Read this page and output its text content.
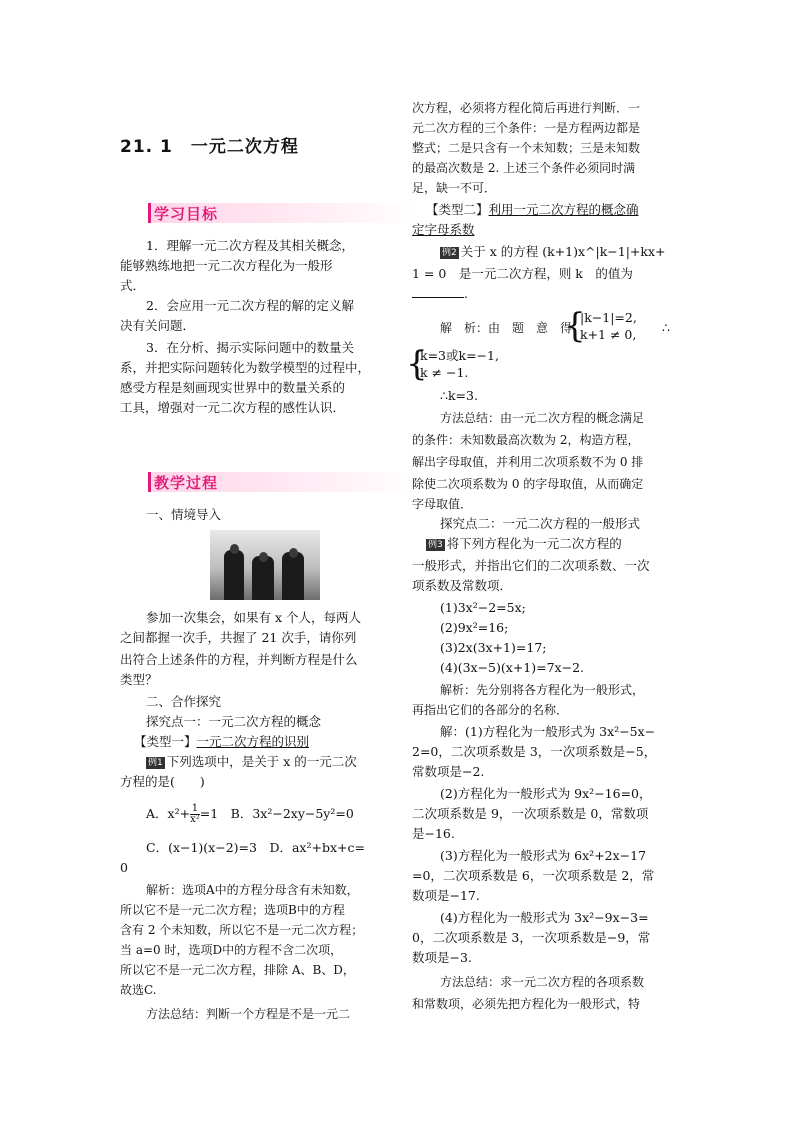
21. 1　一元二次方程
学习目标

1．理解一元二次方程及其相关概念，

能够熟练地把一元二次方程化为一般形

式．

2．会应用一元二次方程的解的定义解

决有关问题．

3．在分析、揭示实际问题中的数量关

系，并把实际问题转化为数学模型的过程中，

感受方程是刻画现实世界中的数量关系的

工具，增强对一元二次方程的感性认识．

教学过程

一、情境导入

参加一次集会，如果有 x 个人，每两人

之间都握一次手，共握了 21 次手，请你列

出符合上述条件的方程，并判断方程是什么

类型？

二、合作探究

探究点一：一元二次方程的概念

【类型一】一元二次方程的识别

例1 下列选项中，是关于 x 的一元二次

方程的是(　　)

A．$x^2+ \frac{1}{\text{x²}} =1$　B．3x²−2xy−5y²=0

C．(x−1)(x−2)=3　D．ax²+bx+c=

0

解析：选项A中的方程分母含有未知数，

所以它不是一元二次方程；选项B中的方程

含有 2 个未知数，所以它不是一元二次方程；

当 a=0 时，选项D中的方程不含二次项，

所以它不是一元二次方程，排除 A、B、D，

故选C.

方法总结：判断一个方程是不是一元二

次方程，必须将方程化简后再进行判断．一

元二次方程的三个条件：一是方程两边都是

整式；二是只含有一个未知数；三是未知数

的最高次数是 2. 上述三个条件必须同时满

足，缺一不可．

【类型二】利用一元二次方程的概念确

定字母系数

例2 关于 x 的方程 (k+1)x^|k−1|+kx+

1 = 0　是一元二次方程，则 k　的值为

.

解　析：由　题　意　得

{
|k−1|=2,
k+1 ≠ 0, ∴

{
k=3或k=−1,
k ≠ −1.

∴k=3.

方法总结：由一元二次方程的概念满足

的条件：未知数最高次数为 2，构造方程，

解出字母取值，并利用二次项系数不为 0 排

除使二次项系数为 0 的字母取值，从而确定

字母取值．

探究点二：一元二次方程的一般形式

例3 将下列方程化为一元二次方程的

一般形式，并指出它们的二次项系数、一次

项系数及常数项．

(1)3x²−2=5x;

(2)9x²=16;

(3)2x(3x+1)=17;

(4)(3x−5)(x+1)=7x−2.

解析：先分别将各方程化为一般形式，

再指出它们的各部分的名称．

解：(1)方程化为一般形式为 3x²−5x−

2=0，二次项系数是 3，一次项系数是−5，

常数项是−2.

(2)方程化为一般形式为 9x²−16=0，

二次项系数是 9，一次项系数是 0，常数项

是−16.

(3)方程化为一般形式为 6x²+2x−17

=0，二次项系数是 6，一次项系数是 2，常

数项是−17.

(4)方程化为一般形式为 3x²−9x−3=

0，二次项系数是 3，一次项系数是−9，常

数项是−3.

方法总结：求一元二次方程的各项系数

和常数项，必须先把方程化为一般形式，特
